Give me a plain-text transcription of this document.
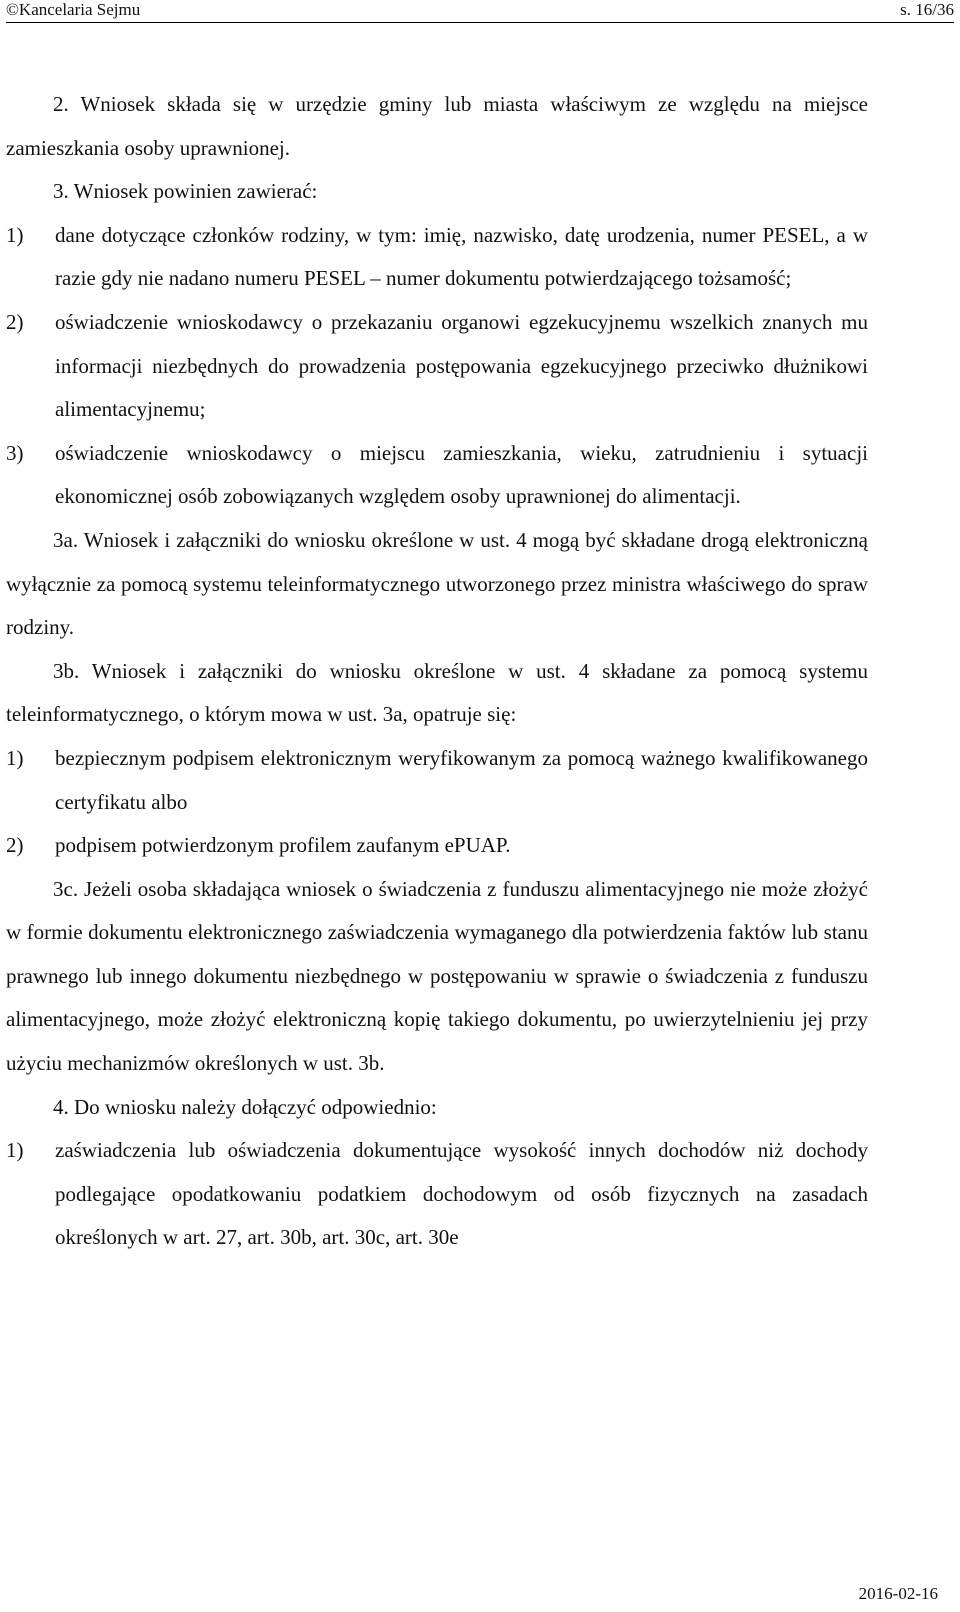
©Kancelaria Sejmu	s. 16/36

2. Wniosek składa się w urzędzie gminy lub miasta właściwym ze względu na miejsce zamieszkania osoby uprawnionej.

3. Wniosek powinien zawierać:

1)	dane dotyczące członków rodziny, w tym: imię, nazwisko, datę urodzenia, numer PESEL, a w razie gdy nie nadano numeru PESEL – numer dokumentu potwierdzającego tożsamość;
2)	oświadczenie wnioskodawcy o przekazaniu organowi egzekucyjnemu wszelkich znanych mu informacji niezbędnych do prowadzenia postępowania egzekucyjnego przeciwko dłużnikowi alimentacyjnemu;
3)	oświadczenie wnioskodawcy o miejscu zamieszkania, wieku, zatrudnieniu i sytuacji ekonomicznej osób zobowiązanych względem osoby uprawnionej do alimentacji.

3a. Wniosek i załączniki do wniosku określone w ust. 4 mogą być składane drogą elektroniczną wyłącznie za pomocą systemu teleinformatycznego utworzonego przez ministra właściwego do spraw rodziny.

3b. Wniosek i załączniki do wniosku określone w ust. 4 składane za pomocą systemu teleinformatycznego, o którym mowa w ust. 3a, opatruje się:

1)	bezpiecznym podpisem elektronicznym weryfikowanym za pomocą ważnego kwalifikowanego certyfikatu albo
2)	podpisem potwierdzonym profilem zaufanym ePUAP.

3c. Jeżeli osoba składająca wniosek o świadczenia z funduszu alimentacyjnego nie może złożyć w formie dokumentu elektronicznego zaświadczenia wymaganego dla potwierdzenia faktów lub stanu prawnego lub innego dokumentu niezbędnego w postępowaniu w sprawie o świadczenia z funduszu alimentacyjnego, może złożyć elektroniczną kopię takiego dokumentu, po uwierzytelnieniu jej przy użyciu mechanizmów określonych w ust. 3b.

4. Do wniosku należy dołączyć odpowiednio:

1)	zaświadczenia lub oświadczenia dokumentujące wysokość innych dochodów niż dochody podlegające opodatkowaniu podatkiem dochodowym od osób fizycznych na zasadach określonych w art. 27, art. 30b, art. 30c, art. 30e
2016-02-16
